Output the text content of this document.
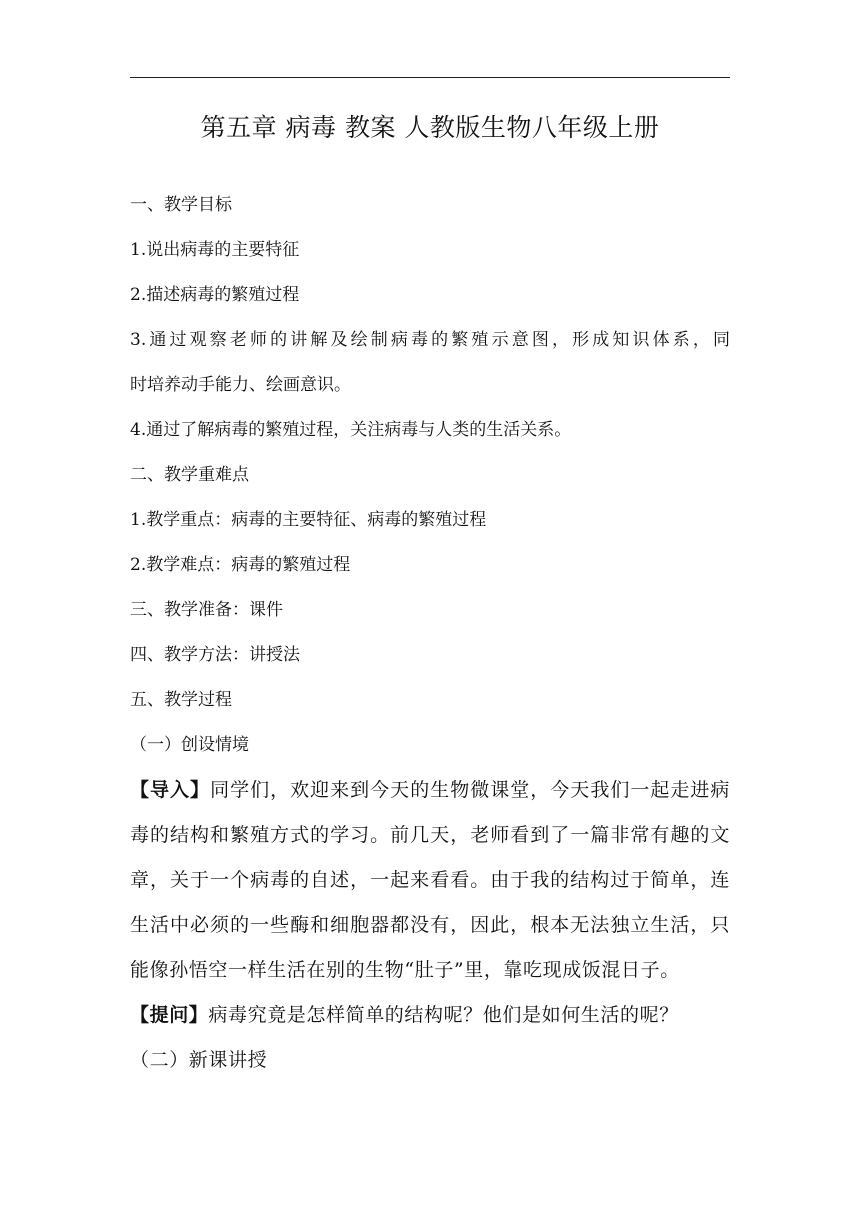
第五章 病毒 教案 人教版生物八年级上册
一、教学目标
1.说出病毒的主要特征
2.描述病毒的繁殖过程
3.通过观察老师的讲解及绘制病毒的繁殖示意图，形成知识体系，同
时培养动手能力、绘画意识。
4.通过了解病毒的繁殖过程，关注病毒与人类的生活关系。
二、教学重难点
1.教学重点：病毒的主要特征、病毒的繁殖过程
2.教学难点：病毒的繁殖过程
三、教学准备：课件
四、教学方法：讲授法
五、教学过程
（一）创设情境
【导入】同学们，欢迎来到今天的生物微课堂，今天我们一起走进病
毒的结构和繁殖方式的学习。前几天，老师看到了一篇非常有趣的文
章，关于一个病毒的自述，一起来看看。由于我的结构过于简单，连
生活中必须的一些酶和细胞器都没有，因此，根本无法独立生活，只
能像孙悟空一样生活在别的生物“肚子”里，靠吃现成饭混日子。
【提问】病毒究竟是怎样简单的结构呢？他们是如何生活的呢？
（二）新课讲授
